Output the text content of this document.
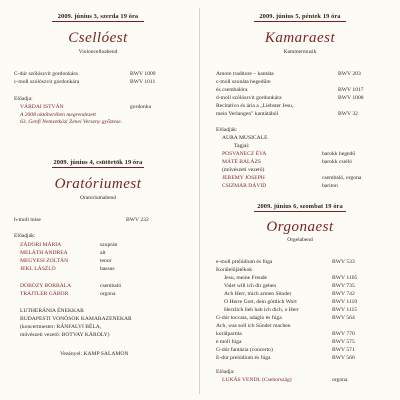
2009. június 3, szerda 19 óra
Csellóest
Violoncelloabend
C-dúr szólószvit gordonkára	BWV 1009
c-moll szólószvit gordonkára	BWV 1011
Előadja:
VÁRDAI ISTVÁN	gordonka
A 2008 októberében megrendezett
63. Genfi Nemzetközi Zenei Verseny győztese.
2009. június 4, csütörtök 19 óra
Oratóriumest
Oratoriumabend
h-moll mise	BWV 232
Előadják:
ZÁDORI MÁRIA	szoprán
MELÁTH ANDREA	alt
MEGYESI ZOLTÁN	tenor
JEKL LÁSZLÓ	bassus
DOBOZY BORBÁLA	csembaló
TRAJTLER GÁBOR	orgona
LUTHERÁNIA ÉNEKKAR
BUDAPESTI VONÓSOK KAMARAZENEKAR
(koncertmester: RÁNFALVI BÉLA,
művészeti vezető: BOTVAY KÁROLY)
Vezényel: KAMP SALAMON
2009. június 5, péntek 19 óra
Kamaraest
Kammermusik
Amore traditore – kantáta	BWV 203
c-moll szonáta hegedűre
és csembalóra	BWV 1017
d-moll szólószvit gordonkára	BWV 1008
Recitativo és ária a „Liebster Jesu,
mein Verlangen" kantátából	BWV 32
Előadják:
AURA MUSICALE
Tagjai:
POSVANECZ ÉVA	barokk hegedű
MÁTÉ BALÁZS	barokk cselló
(művészeti vezető)
JEREMY JOSEPH	csembaló, orgona
CSIZMÁR DÁVID	bariton
2009. június 6, szombat 19 óra
Orgonaest
Orgelabend
e-moll prelúdium és fúga	BWV 533
Korálelőjátékok
Jesu, meine Freude	BWV 1105
Valet will ich dir geben	BWV 735
Ach Herr, mich armen Sünder	BWV 742
O Herre Gott, dein göttlich Wort	BWV 1110
Herzlich lieb hab ich dich, o Herr	BWV 1115
G-dúr toccata, adagio és fúga	BWV 564
Ach, was soll ich Sünder machen
korálpartita	BWV 770
e moll fúga	BWV 575
G-dúr fantázia (concerto)	BWV 571
E-dúr prelúdium és fúga	BWV 566
Előadja:
LUKÁS VENDL (Csehország)	orgona
